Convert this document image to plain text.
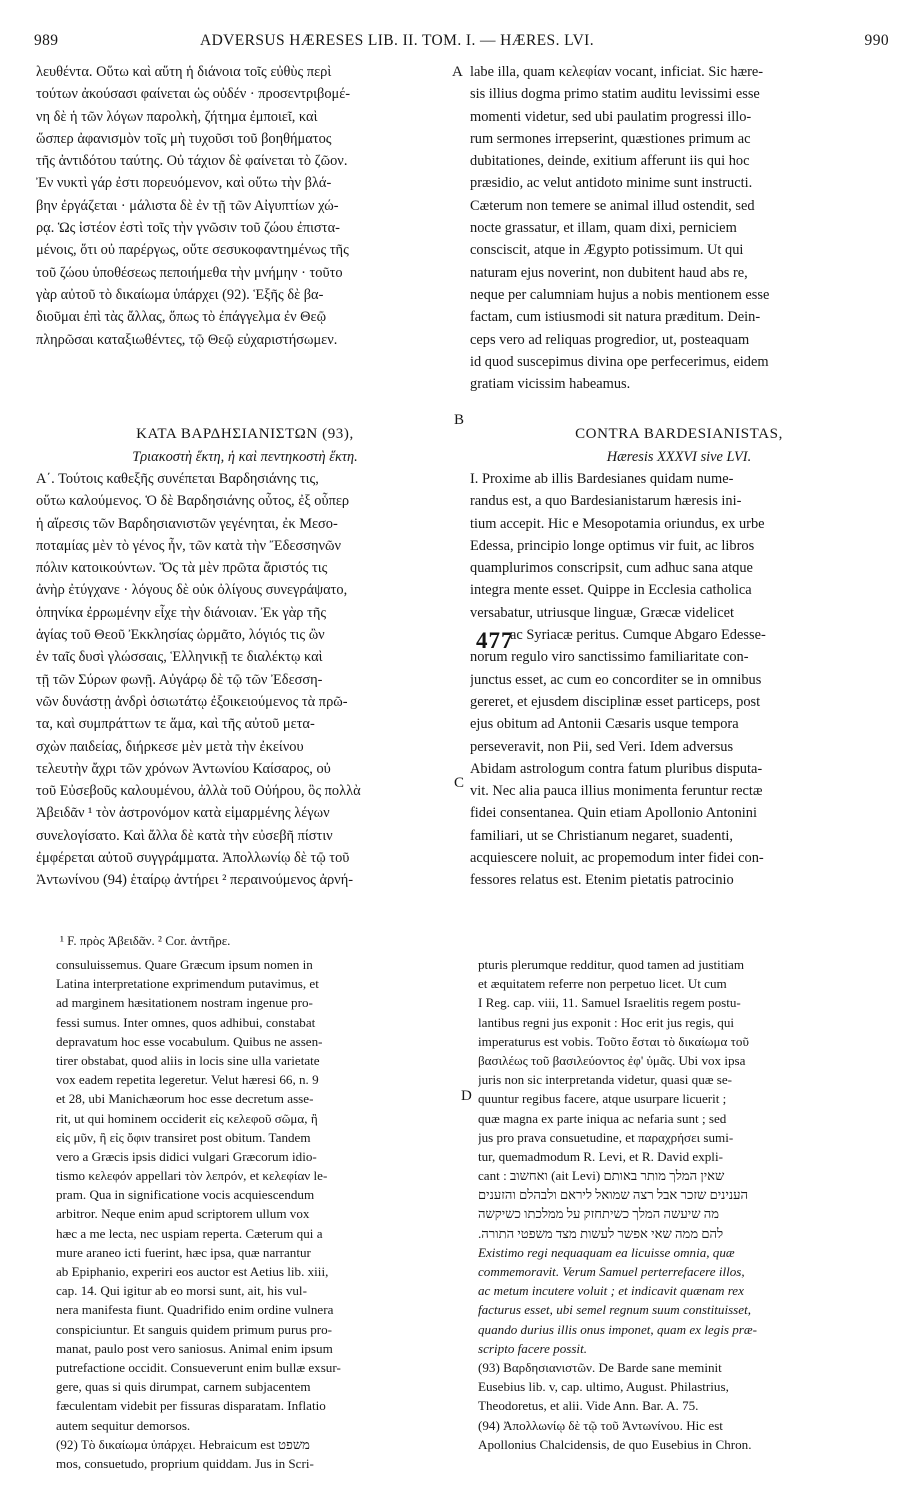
989	ADVERSUS HÆRESES LIB. II. TOM. I. — HÆRES. LVI.	990
A
B
C
D
477
λευθέντα. Οὕτω καὶ αὕτη ἡ διάνοια τοῖς εὐθὺς περὶ
τούτων ἀκούσασι φαίνεται ὡς οὐδέν · προσεντριβομέ-
νη δὲ ἡ τῶν λόγων παρολκὴ, ζήτημα ἐμποιεῖ, καὶ
ὥσπερ ἀφανισμὸν τοῖς μὴ τυχοῦσι τοῦ βοηθήματος
τῆς ἀντιδότου ταύτης. Οὐ τάχιον δὲ φαίνεται τὸ ζῶον.
Ἐν νυκτὶ γάρ ἐστι πορευόμενον, καὶ οὕτω τὴν βλά-
βην ἐργάζεται · μάλιστα δὲ ἐν τῇ τῶν Αἰγυπτίων χώ-
ρᾳ. Ὡς ἰστέον ἐστὶ τοῖς τὴν γνῶσιν τοῦ ζώου ἐπιστα-
μένοις, ὅτι οὐ παρέργως, οὔτε σεσυκοφαντημένως τῆς
τοῦ ζώου ὑποθέσεως πεποιήμεθα τὴν μνήμην · τοῦτο
γὰρ αὐτοῦ τὸ δικαίωμα ὑπάρχει (92). Ἑξῆς δὲ βα-
διοῦμαι ἐπὶ τὰς ἄλλας, ὅπως τὸ ἐπάγγελμα ἐν Θεῷ
πληρῶσαι καταξιωθέντες, τῷ Θεῷ εὐχαριστήσωμεν.
ΚΑΤΑ ΒΑΡΔΗΣΙΑΝΙΣΤΩΝ (93),
Τριακοστὴ ἕκτη, ἡ καὶ πεντηκοστὴ ἕκτη.
Α΄. Τούτοις καθεξῆς συνέπεται Βαρδησιάνης τις,
οὕτω καλούμενος. Ὁ δὲ Βαρδησιάνης οὗτος, ἐξ οὗπερ
ἡ αἵρεσις τῶν Βαρδησιανιστῶν γεγένηται, ἐκ Μεσο-
ποταμίας μὲν τὸ γένος ἦν, τῶν κατὰ τὴν Ἔδεσσηνῶν
πόλιν κατοικούντων. Ὅς τὰ μὲν πρῶτα ἄριστός τις
ἀνὴρ ἐτύγχανε · λόγους δὲ οὐκ ὀλίγους συνεγράψατο,
ὁπηνίκα ἐρρωμένην εἶχε τὴν διάνοιαν. Ἐκ γὰρ τῆς
ἁγίας τοῦ Θεοῦ Ἐκκλησίας ὡρμᾶτο, λόγιός τις ὢν
ἐν ταῖς δυσὶ γλώσσαις, Ἑλληνικῇ τε διαλέκτῳ καὶ
τῇ τῶν Σύρων φωνῇ. Αὐγάρῳ δὲ τῷ τῶν Ἐδεσση-
νῶν δυνάστῃ ἀνδρὶ ὁσιωτάτῳ ἐξοικειούμενος τὰ πρῶ-
τα, καὶ συμπράττων τε ἅμα, καὶ τῆς αὐτοῦ μετα-
σχὼν παιδείας, διήρκεσε μὲν μετὰ τὴν ἐκείνου
τελευτὴν ἄχρι τῶν χρόνων Ἀντωνίου Καίσαρος, οὐ
τοῦ Εὐσεβοῦς καλουμένου, ἀλλὰ τοῦ Οὐήρου, ὃς πολλὰ
Ἀβειδᾶν ¹ τὸν ἀστρονόμον κατὰ εἱμαρμένης λέγων
συνελογίσατο. Καὶ ἄλλα δὲ κατὰ τὴν εὐσεβῆ πίστιν
ἐμφέρεται αὐτοῦ συγγράμματα. Ἀπολλωνίῳ δὲ τῷ τοῦ
Ἀντωνίνου (94) ἑταίρῳ ἀντήρει ² περαινούμενος ἀρνή-
¹ F. πρὸς Ἀβειδᾶν. ² Cor. ἀντῆρε.
labe illa, quam κελεφίαν vocant, inficiat. Sic hære-
sis illius dogma primo statim auditu levissimi esse
momenti videtur, sed ubi paulatim progressi illo-
rum sermones irrepserint, quæstiones primum ac
dubitationes, deinde, exitium afferunt iis qui hoc
præsidio, ac velut antidoto minime sunt instructi.
Cæterum non temere se animal illud ostendit, sed
nocte grassatur, et illam, quam dixi, perniciem
consciscit, atque in Ægypto potissimum. Ut qui
naturam ejus noverint, non dubitent haud abs re,
neque per calumniam hujus a nobis mentionem esse
factam, cum istiusmodi sit natura præditum. Dein-
ceps vero ad reliquas progredior, ut, posteaquam
id quod suscepimus divina ope perfecerimus, eidem
gratiam vicissim habeamus.
CONTRA BARDESIANISTAS,
Hæresis XXXVI sive LVI.
I. Proxime ab illis Bardesianes quidam nume-
randus est, a quo Bardesianistarum hæresis ini-
tium accepit. Hic e Mesopotamia oriundus, ex urbe
Edessa, principio longe optimus vir fuit, ac libros
quamplurimos conscripsit, cum adhuc sana atque
integra mente esset. Quippe in Ecclesia catholica
versabatur, utriusque linguæ, Græcæ videlicet
ac Syriacæ peritus. Cumque Abgaro Edesse-
norum regulo viro sanctissimo familiaritate con-
junctus esset, ac cum eo concorditer se in omnibus
gereret, et ejusdem disciplinæ esset particeps, post
ejus obitum ad Antonii Cæsaris usque tempora
perseveravit, non Pii, sed Veri. Idem adversus
Abidam astrologum contra fatum pluribus disputa-
vit. Nec alia pauca illius monimenta feruntur rectæ
fidei consentanea. Quin etiam Apollonio Antonini
familiari, ut se Christianum negaret, suadenti,
acquiescere noluit, ac propemodum inter fidei con-
fessores relatus est. Etenim pietatis patrocinio
consuluissemus. Quare Græcum ipsum nomen in
Latina interpretatione exprimendum putavimus, et
ad marginem hæsitationem nostram ingenue pro-
fessi sumus. Inter omnes, quos adhibui, constabat
depravatum hoc esse vocabulum. Quibus ne assen-
tirer obstabat, quod aliis in locis sine ulla varietate
vox eadem repetita legeretur. Velut hæresi 66, n. 9
et 28, ubi Manichæorum hoc esse decretum asse-
rit, ut qui hominem occiderit εἰς κελεφοῦ σῶμα, ἢ
εἰς μῦν, ἢ εἰς ὄφιν transiret post obitum. Tandem
vero a Græcis ipsis didici vulgari Græcorum idio-
tismo κελεφόν appellari τὸν λεπρόν, et κελεφίαν le-
pram. Qua in significatione vocis acquiescendum
arbitror. Neque enim apud scriptorem ullum vox
hæc a me lecta, nec uspiam reperta. Cæterum qui a
mure araneo icti fuerint, hæc ipsa, quæ narrantur
ab Epiphanio, experiri eos auctor est Aetius lib. xiii,
cap. 14. Qui igitur ab eo morsi sunt, ait, his vul-
nera manifesta fiunt. Quadrifido enim ordine vulnera
conspiciuntur. Et sanguis quidem primum purus pro-
manat, paulo post vero saniosus. Animal enim ipsum
putrefactione occidit. Consueverunt enim bullæ exsur-
gere, quas si quis dirumpat, carnem subjacentem
fæculentam videbit per fissuras disparatam. Inflatio
autem sequitur demorsos.
(92) Τὸ δικαίωμα ὑπάρχει. Hebraicum est משפט
mos, consuetudo, proprium quiddam. Jus in Scri-
pturis plerumque redditur, quod tamen ad justitiam
et æquitatem referre non perpetuo licet. Ut cum
I Reg. cap. viii, 11. Samuel Israelitis regem postu-
lantibus regni jus exponit : Hoc erit jus regis, qui
imperaturus est vobis. Τοῦτο ἔσται τὸ δικαίωμα τοῦ
βασιλέως τοῦ βασιλεύοντος ἐφ' ὑμᾶς. Ubi vox ipsa
juris non sic interpretanda videtur, quasi quæ se-
quuntur regibus facere, atque usurpare licuerit ;
quæ magna ex parte iniqua ac nefaria sunt ; sed
jus pro prava consuetudine, et παραχρήσει sumi-
tur, quemadmodum R. Levi, et R. David expli-
cant : ואחשוב (ait Levi) שאין המלך מותר באותם
הענינים שזכר אבל רצה שמואל ליראם ולבהלם והזענים
מה שיעשה המלך כשיתחזק על ממלכתו כשיקשה
להם ממה שאי אפשר לעשות מצד משפטי התורה.
Existimo regi nequaquam ea licuisse omnia, quæ
commemoravit. Verum Samuel perterrefacere illos,
ac metum incutere voluit ; et indicavit quænam rex
facturus esset, ubi semel regnum suum constituisset,
quando durius illis onus imponet, quam ex legis præ-
scripto facere possit.
(93) Βαρδησιανιστῶν. De Barde sane meminit
Eusebius lib. v, cap. ultimo, August. Philastrius,
Theodoretus, et alii. Vide Ann. Bar. A. 75.
(94) Ἀπολλωνίῳ δὲ τῷ τοῦ Ἀντωνίνου. Hic est
Apollonius Chalcidensis, de quo Eusebius in Chron.
